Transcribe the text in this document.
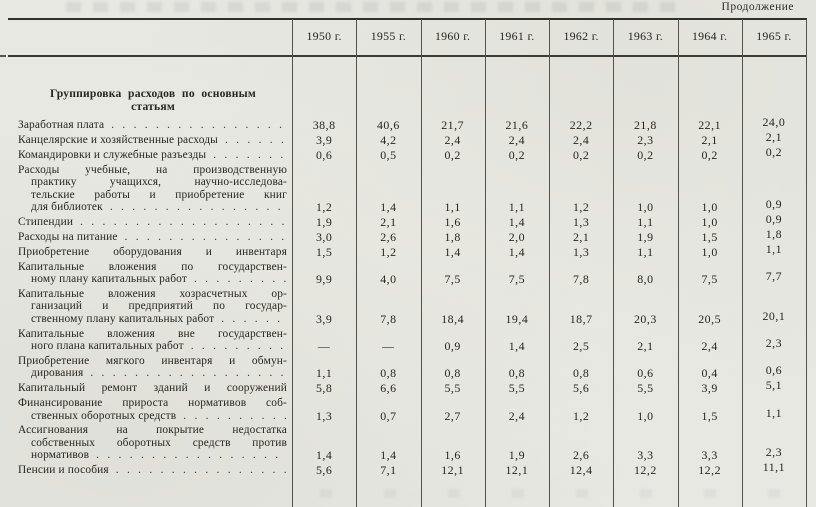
Продолжение
1950 г.	1955 г.	1960 г.	1961 г.	1962 г.	1963 г.	1964 г.	1965 г.
Группировка расходов по основным
статьям
Заработная плата . . .	38,8	40,6	21,7	21,6	22,2	21,8	22,1	24,0
Канцелярские и хозяйственные расходы . . .	3,9	4,2	2,4	2,4	2,4	2,3	2,1	2,1
Командировки и служебные разъезды . . .	0,6	0,5	0,2	0,2	0,2	0,2	0,2	0,2
Расходы учебные, на производственную
практику учащихся, научно-исследова-
тельские работы и приобретение книг
для библиотек . . .	1,2	1,4	1,1	1,1	1,2	1,0	1,0	0,9
Стипендии . . .	1,9	2,1	1,6	1,4	1,3	1,1	1,0	0,9
Расходы на питание . . .	3,0	2,6	1,8	2,0	2,1	1,9	1,5	1,8
Приобретение оборудования и инвентаря	1,5	1,2	1,4	1,4	1,3	1,1	1,0	1,1
Капитальные вложения по государствен-
ному плану капитальных работ . . .	9,9	4,0	7,5	7,5	7,8	8,0	7,5	7,7
Капитальные вложения хозрасчетных ор-
ганизаций и предприятий по государ-
ственному плану капитальных работ . . .	3,9	7,8	18,4	19,4	18,7	20,3	20,5	20,1
Капитальные вложения вне государствен-
ного плана капитальных работ . . .	—	—	0,9	1,4	2,5	2,1	2,4	2,3
Приобретение мягкого инвентаря и обмун-
дирования . . .	1,1	0,8	0,8	0,8	0,8	0,6	0,4	0,6
Капитальный ремонт зданий и сооружений	5,8	6,6	5,5	5,5	5,6	5,5	3,9	5,1
Финансирование прироста нормативов соб-
ственных оборотных средств . . .	1,3	0,7	2,7	2,4	1,2	1,0	1,5	1,1
Ассигнования на покрытие недостатка
собственных оборотных средств против
нормативов . . .	1,4	1,4	1,6	1,9	2,6	3,3	3,3	2,3
Пенсии и пособия . . .	5,6	7,1	12,1	12,1	12,4	12,2	12,2	11,1
